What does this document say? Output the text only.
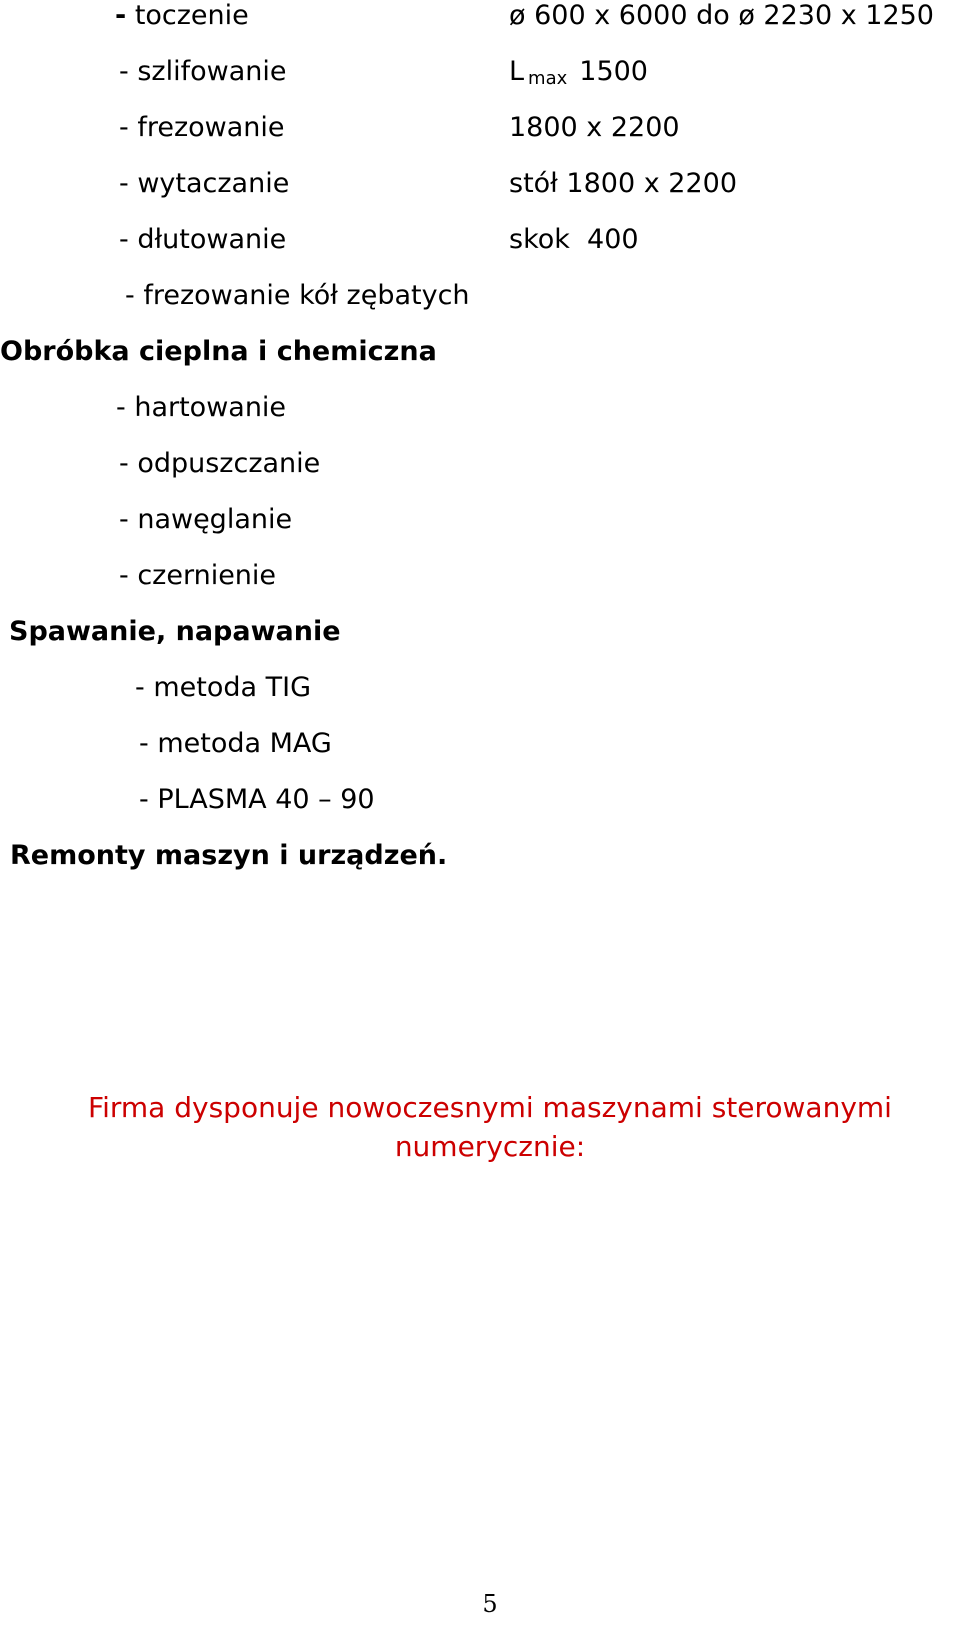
- toczenie	ø 600 x 6000 do ø 2230 x 1250
- szlifowanie	Lmax 1500
- frezowanie	1800 x 2200
- wytaczanie	stół 1800 x 2200
- dłutowanie	skok  400
- frezowanie kół zębatych
Obróbka cieplna i chemiczna
- hartowanie
- odpuszczanie
- nawęglanie
- czernienie
Spawanie, napawanie
- metoda TIG
- metoda MAG
- PLASMA 40 – 90
Remonty maszyn i urządzeń.
Firma dysponuje nowoczesnymi maszynami sterowanymi
numerycznie:
5
